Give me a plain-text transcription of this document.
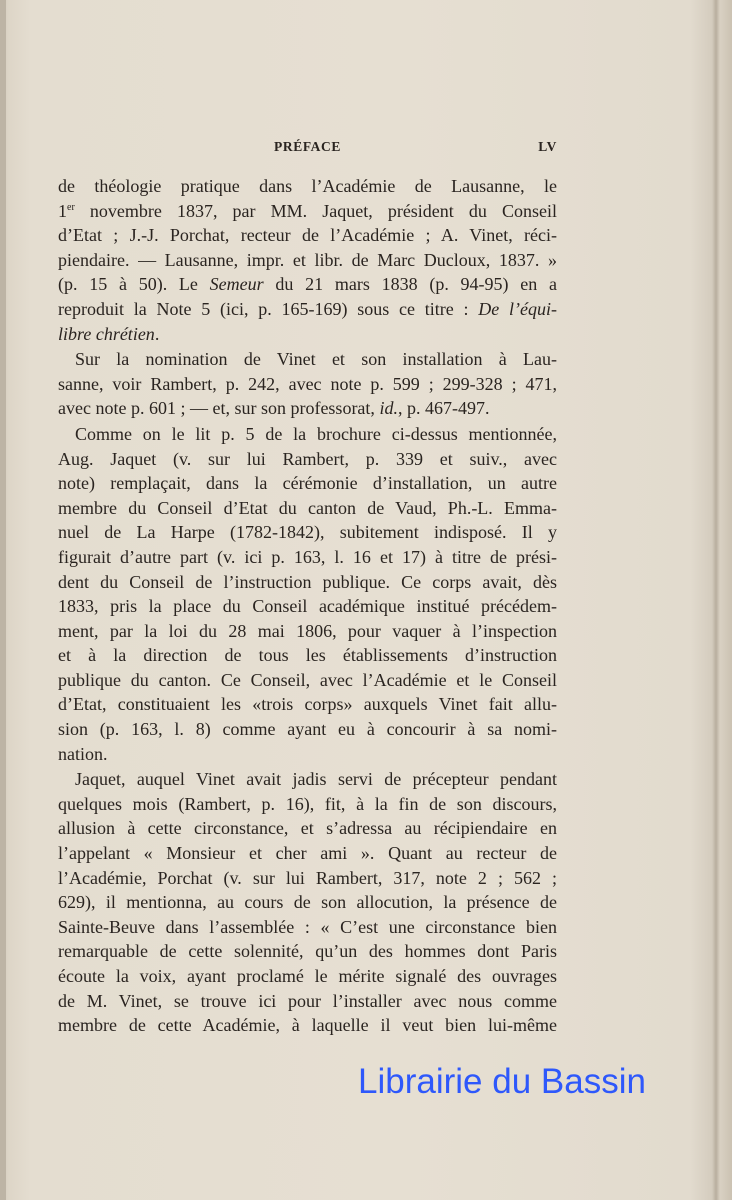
PRÉFACE	LV
de théologie pratique dans l’Académie de Lausanne, le
1er novembre 1837, par MM. Jaquet, président du Conseil
d’Etat ; J.-J. Porchat, recteur de l’Académie ; A. Vinet, réci-
piendaire. — Lausanne, impr. et libr. de Marc Ducloux, 1837. »
(p. 15 à 50). Le Semeur du 21 mars 1838 (p. 94-95) en a
reproduit la Note 5 (ici, p. 165-169) sous ce titre : De l’équi-
libre chrétien.
Sur la nomination de Vinet et son installation à Lau-
sanne, voir Rambert, p. 242, avec note p. 599 ; 299-328 ; 471,
avec note p. 601 ; — et, sur son professorat, id., p. 467-497.
Comme on le lit p. 5 de la brochure ci-dessus mentionnée,
Aug. Jaquet (v. sur lui Rambert, p. 339 et suiv., avec
note) remplaçait, dans la cérémonie d’installation, un autre
membre du Conseil d’Etat du canton de Vaud, Ph.-L. Emma-
nuel de La Harpe (1782-1842), subitement indisposé. Il y
figurait d’autre part (v. ici p. 163, l. 16 et 17) à titre de prési-
dent du Conseil de l’instruction publique. Ce corps avait, dès
1833, pris la place du Conseil académique institué précédem-
ment, par la loi du 28 mai 1806, pour vaquer à l’inspection
et à la direction de tous les établissements d’instruction
publique du canton. Ce Conseil, avec l’Académie et le Conseil
d’Etat, constituaient les «trois corps» auxquels Vinet fait allu-
sion (p. 163, l. 8) comme ayant eu à concourir à sa nomi-
nation.
Jaquet, auquel Vinet avait jadis servi de précepteur pendant
quelques mois (Rambert, p. 16), fit, à la fin de son discours,
allusion à cette circonstance, et s’adressa au récipiendaire en
l’appelant « Monsieur et cher ami ». Quant au recteur de
l’Académie, Porchat (v. sur lui Rambert, 317, note 2 ; 562 ;
629), il mentionna, au cours de son allocution, la présence de
Sainte-Beuve dans l’assemblée : « C’est une circonstance bien
remarquable de cette solennité, qu’un des hommes dont Paris
écoute la voix, ayant proclamé le mérite signalé des ouvrages
de M. Vinet, se trouve ici pour l’installer avec nous comme
membre de cette Académie, à laquelle il veut bien lui-même
Librairie du Bassin
